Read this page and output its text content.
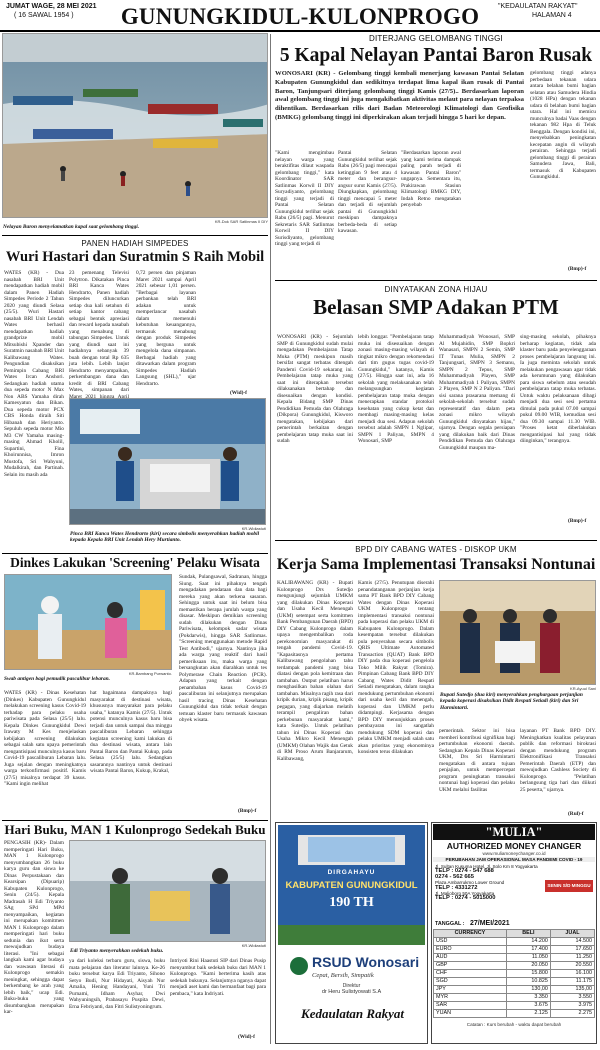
JUMAT WAGE, 28 MEI 2021
( 16 SAWAL 1954 ) GUNUNGKIDUL-KULONPROGO	"KEDAULATAN RAKYAT"
HALAMAN 4
KR-Dok SAR Satlinmas II DIY
Nelayan Baron menyelamatkan kapal saat gelombang tinggi.
DITERJANG GELOMBANG TINGGI
5 Kapal Nelayan Pantai Baron Rusak
WONOSARI (KR) - Gelombang tinggi kembali menerjang kawasan Pantai Selatan Kabupaten Gunungkidul dan sedikitnya terdapat lima kapal ikan rusak di Pantai Baron, Tanjungsari diterjang gelombang tinggi Kamis (27/5).. Berdasarkan laporan awal gelombang tinggi ini juga mengakibatkan aktivitas melaut para nelayan terpaksa dihentikan. Berdasarkan rilis dari Badan Meteorologi Klimatologi dan Geofisika (BMKG) gelombang tinggi ini diperkirakan akan terjadi hingga 5 hari ke depan.
"Kami mengimbau nelayan warga yang beraktifitas dilaut waspada gelombang tinggi," kata Koordinator SAR Satlinmas Korwil II DIY Suryadiyanto, gelombang tinggi yang terjadi di Pantai Selatan Gunungkidul terlihat sejak Rabu (26/5) pagi. Menurut Sekretaris SAR Satlinmas Korwil II DIY Surisdiyanto, gelombang tinggi yang terjadi di
Pantai Selatan Gunungkidul terlihat sejak Rabu (26/5) pagi mencapai ketinggian 9 feet atau 4 meter dan berangsur-angsur surut Kamis (27/5). Diungkapkan, gelombang tinggi mencapai 5 meter dan terjadi di sejumlah pantai di Gunungkidul meskipun dampaknya berbeda-beda di setiap kawasan.
"Berdasarkan laporan awal yang kami terima dampak paling parah terjadi di kawasan Pantai Baron" ungapnya. Sementara itu, Prakirawan Stasiun Klimatologi BMKG DIY, Indah Retno mengatakan penyebab
gelombang tinggi adanya perbedaan tekanan udara antara belahan bumi bagian selatan atau Samudera Hindia (1028 HPa) dengan tekanan udara di belahan bumi bagian utara. Hal ini memicu munculnya badai Vaas dengan tekanan 982 Hpa di Teluk Benggala. Dengan kondisi ini, menyebabkan peningkatan kecepatan angin di wilayah perairan. Sehingga terjadi gelombang tinggi di perairan Samudera Jawa, Bali, termasuk di Kabupaten Gunungkidul.
(Bmp)-f
PANEN HADIAH SIMPEDES
Wuri Hastari dan Suratmin S Raih Mobil
WATES (KR) - Dua nasabah BRI Unit mendapatkan hadiah mobil dalam Panen Hadiah Simpedes Periode 2 Tahun 2020 yang diundi Selasa (25/5). Wuri Hastari nasabah BRI Unit Lendah Wates berhasil mendapatkan hadiah grandprize mobil Mitsubishi Xpander dan Suratmin nasabah BRI Unit Kalibawang Wates. Pengundian disaksikan Pemimpin Cabang BRI Wates Ircan Anshori. Sedangkan hadiah utama dua sepeda motor N Max Non ABS Yamaha dirah Kamesyatun dan Bikan. Dua sepeda motor PCX CBS Honda diraih Siti Hibanah dan Heriyanto. Sepuluh sepeda motor Mio M3 CW Yamaha masing-masing Ahmad Kholil, Supartini, Fina Khoirunnisa, Imron Mustofa, Sri Wahyuni, Mudalkirah, dan Partinah. Selain itu masih ada
23 pemenang Televisi Polytron. Dikatakan Pinca BRI Kanca Wates Hendrarto, Panen hadiah Simpedes diluncurkan setiap dua kali setahun di setiap kantor cabang sebagai bentuk apresiasi dan reward kepada nasabah yang menabung di tabungan Simpedes. Untuk yang diundi saat ini hadiahnya sebanyak 39 buah dengan total Rp 635 juta lebih. Lebih lanjut Hendrarto menyampaikan, perkembangan dana dan kredit di BRI Cabang Wates, simpanan dari Maret 2021 hingga April
0,72 persen dan pinjaman Maret 2021 sampai April 2021 sebesar 1,01 persen. "Berbagai layanan perbankan telah BRI adakan untuk memperlancar nasabah dalam memenuhi kebutuhan keuangannya, termasuk menabung dengan produk Simpedes yang berguna untuk mengelola dana simpanan. Berbagai hadiah yang ditawarkan dalam program Simpedes Hadiah Langsung (SHL)," ujar Hendrarto.
(Wid)-f
KR-Widiastuti
Pinca BRI Kanca Wates Hendrarto (kiri) secara simbolis menyerahkan hadiah mobil kepada Kepala BRI Unit Lendah Hery Murtianto.
DINYATAKAN ZONA HIJAU
Belasan SMP Adakan PTM
WONOSARI (KR) - Sejumlah SMP di Gunungkidul sudah mulai mengadakan Pembelajaran Tatap Muka (PTM) meskipun masih bersifat sangat terbatas ditengah Pandemi Covid-19 sekarang ini. Pembelajaran tatap muka yang saat ini diterapkan tersebut dilaksanakan bertahap dan disesuaikan dengan kondisi. Kepala Bidang SMP Dinas Pendidikan Pemuda dan Olahraga (Dikpora) Gunungkidul, Kisworo mengatakan, kebijakan dari pemerintah berkaitan dengan pembelajaran tatap muka saat ini sudah
lebih longgar. "Pembelajaran tatap muka ini disesuaikan dengan zonasi masing-masing wilayah di tingkat mikro dengan rekomendasi dari tim gugus tugas covid-19 Gunungkidul," katanya, Kamis (27/5). Hingga saat ini, ada 16 sekolah yang melaksanakan telah melangsungkan kegiatan pembelajaran tatap muka dengan menerapkan standar protokol kesehatan yang cukup ketat dan membagi masing-masing kelas menjadi dua sesi. Adapun sekolah tersebut adalah SMPN 1 Nglipar, SMPN 1 Paliyan, SMPN 4 Wonosari, SMP
Muhammadiyah Wonosari, SMP Al Mujahidin, SMP Bopkri Wanasari, SMPN 2 Semin, SMP IT Tunas Mulia, SMPN 2 Tanjungsari, SMPN 3 Semanu, SMPN 2 Tepus, SMP Muhammadiyah Playen, SMP Muhammadiyah 1 Paliyan, SMPN 2 Playen, SMP N 2 Paliyan. "Dari sisi sarana prasarana memang di sekolah-sekolah tersebut sudah representatif dan dalam peta zonasi mikro wilayah Gunungkidul dinyatakan hijau," ujarnya. Dengan segala persiapan yang dilakukan baik dari Dinas Pendidikan Pemuda dan Olahraga Gunungkidul maupun ma-
sing-masing sekolah, pihaknya berharap kegiatan, tidak ada klaster baru pada penyelenggaraan proses pembelajaran langsung ini. Ia juga meminta sekolah untuk melakukan pengawasan agar tidak ada kerumunan yang dilakukan para siswa sebelum atau sesudah pembelajaran tatap muka terbatas. Untuk waktu pelaksanaan dibagi menjadi dua sesi sesi pertama dimulai pada pukul 07.00 sampai pukul 09.00 WIB, kemudian sesi dua 09.30 sampai 11.30 WIB. "Proses ketat diberlakukan mengantisipasi hal yang tidak diinginkan," terangnya.
(Bmp)-f
Dinkes Lakukan 'Screening' Pelaku Wisata
KR-Bambang Purwanto.
Swab antigen bagi pemudik pascalibur lebaran.
WATES (KR) - Dinas Kesehatan (Dinkes) Kabupaten Gunungkidul melakukan screening kasus Covid-19 terhadap para pelaku usaha pariwisata pada Selasa (25/5) lalu. Kepala Dinkes Gunungkidul Dewi Irawaty M Kes menjelaskan kebijakan screening dilakukan sebagai salah satu upaya pemerintah mengantisipasi munculnya kasus baru Covid-19 pascaliburan Lebaran lalu. Juga sejalan dengan meningkatnya warga terkonfirmasi positif. Kamis (27/5) misalnya terdapat 39 kasus. "Kami ingin melihat
hat bagaimana dampaknya bagi masyarakat di destinasi wisata, khususnya masyarakat para pelaku usaha," katanya Kamis (27/5). Untuk potensi munculnya kasus baru bisa terjadi dan untuk sampai dua minggu pascaliburan Lebaran sehingga kegiatan screening kami lakukan di dua destinasi wisata, antara lain Pantai Baron dan Pantai Kukup, pada Selasa (25/5) lalu. Sedangkan sasarannya nantinya untuk destinasi wisata Pantai Baron, Kukup, Krakal,
Sundak, Pulangsawal, Sadranan, hingga Siung. Saat ini pihaknya tengah mengadakan pendataan dan data bagi mereka yang akan terkena sasaran. Sehingga untuk saat ini belum bisa memastikan berapa jumlah warga yang disasar. Meskipun demikian screening sudah dilakukan dengan Dinas Pariwisata, kelompok sadar wisata (Pokdarwis), hingga SAR Satlinmas. "Screening menggunakan metode Rapid Test Antibodi," ujarnya. Nantinya jika ada warga yang reaktif dari hasil pemeriksaan itu, maka warga yang bersangkutan akan diarahkan untuk tes Polymerase Chain Reaction (PCR). Adapun yang terkait dengan penambahan kasus Covid-19 pascaliburan ini selanjutnya merupakan hasil tracing Dinas Kesehatan Gunungkidul dan tidak terkait dengan temuan klaster baru termasuk kawasan obyek wisata.
(Bmp)-f
Hari Buku, MAN 1 Kulonprogo Sedekah Buku
PENGASIH (KR)- Dalam memperingati Hari Buku, MAN 1 Kulonprogo menyumbangkan 26 buku karya guru dan siswa ke Dinas Perpustakaan dan Kearsipan (Dipuarip) Kabupaten Kulonprogo, Senin (24/5). Kepala Madrasah H Edi Triyanto SAg SPd MPd menyampaikan, kegiatan ini merupakan komitmen MAN 1 Kulonprogo dalam memperingati hari buku sedunia dan ikut serta mewujudkan budaya literasi. "Ini sebagai langkah kami agar budaya dan wawasan literasi di Kulonprogo semakin meningkat, sehingga dapat berkembang ke arah yang lebih baik," ucap Edi. Buku-buku yang disumbangkan merupakan kar-
KR-Widiastuti
Edi Triyanto menyerahkan sedekah buku.
ya dari koleksi terbaru guru, siswa, buku mata pelajaran dan literatur lainnya. Ke-26 buku tersebut karya Edi Triyanto, Sihono Setyo Budi, Nur Hidayati, Aisyah Nur Amalia, Hening Handayani, Yuni Tri Purnami, Idham Asyhar, Dwi Wahyuningsih, Prabasayu Puspita Dewi, Erna Febriyanti, dan Fitri Sulistyoningrum.
Intriyoti Rini Haastuti SIP dari Dinas Pusip menyambut baik sedekah buku dari MAN 1 Kulonprogo. "Kami berterima kasih atas sedekah bukunya. Selanjutnya nganya dapat menjadi aset kami dan bermanfaat bagi para pembaca," kata Indriyati.
(Wid)-f
BPD DIY CABANG WATES - DISKOP UKM
Kerja Sama Implementasi Transaksi Nontunai
KALIBAWANG (KR) - Bupati Kulonprogo Drs Sutedjo mengunjungi sejumlah UMKM yang dilakukan Dinas Koperasi dan Usaha Kecil Menengah (UKM) setempat serta komitmen Bank Pembangunan Daerah (BPD) DIY Cabang Kulonprogo dalam upaya mengembalikan roda perekonomian masyarakat di tengah pandemi Covid-19. "Kapasitasnya pertama Kalibawang pengolahan tahu terdampak pandemi yang bisa diatasi dengan pola kemitraan dan tambahan. Output pelatihan harus menghasilkan bahan olahan dari tambahan. Misalnya ragih rasa dari kripik durian, kripik pisang, kripik pegagan, yang diajarkan melatih terampil pengaliran bahan perkebunan masyarakat kami," kata Sutedjo. Untuk pelatihan tahun ini Dinas Koperasi dan Usaha Mikro Kecil Menengah (UMKM) Olahan Wajik dan Getuk di RM Proso Arum Banjararum, Kalibawang,
Kamis (27/5). Penutupan diserahi penandatanganan perjanjian kerja sama PT Bank BPD DIY Cabang Wates dengan Dinas Koperasi UKM Kulonprogo tentang implementasi transaksi nontunai pada koperasi dan pelaku UKM di Kabupaten Kulonprogo. Dalam kesempatan tersebut dilakukan pula penyerahan secara simbolis QRIS Ultimate Automated Transaction (QUAT) Bank BPD DIY pada dua koperasi pengelola Toko Milik Rakyat (Tomira). Pimpinan Cabang Bank BPD DIY Cabang Wates Didit Respati Setiadi mengatakan, dalam rangka mendukung pertumbuhan ekonomi dari usaha kecil dan menengah, koperasi dan UMKM perlu didampingi. Kerjasama dengan BPD DIY menunjukkan proses pembayaran ini sangatlah mendukung SDM koperasi dan pelaku UMKM menjadi salah satu akan prioritas yang ekonominya konsisten terus dilakukan
KR-Ayuul Sani
Bupati Sutedjo (dua kiri) menyerahkan penghargaan perjanjian kepada koperasi disaksikan Didit Respati Setiadi (kiri) dan Sri Harmintarti.
pemerintah. Sektor ini bisa memberi kontribusi signifikan bagi pertumbuhan ekonomi daerah. Sedangkan Kepala Dinas Koperasi UKM, Drs Sri Harmintarti mengatakan di antara tujuan penjajian, untuk mempercepat program peningkatan transaksi nontunai bagi koperasi dan pelaku UKM melalui fasilitas
layanan PT Bank BPD DIY. Meningkatkan kualitas pelayanan publik dan reformasi birokrasi dengan mendukung program Elektronifikasi Transaksi Pemerintah Daerah (ETP) dan mewujudkan Cashless Society di Kulonprogo. "Pelatihan berlangsung tiga hari dan diikuti 25 peserta," ujarnya.
(Rul)-f
DIRGAHAYU
KABUPATEN GUNUNGKIDUL
190 TH
RSUD Wonosari
Cepat, Bersih, Simpatik
Direktur
dr Heru Sulistyowati S.A
Kedaulatan Rakyat
"MULIA"
AUTHORIZED MONEY CHANGER
www.muliamoneychanger.co.id
PERUBAHAN JAM OPERASIONAL MASA PANDEMI COVID - 19
Jl. Sultan Kusuma Hotel, Jl. Solo Km 8 Yogyakarta
TELP : 0274 - 547 688
0274 - 562 665
Plaza Ambarrukmo Lower Ground
TELP : 4331272
Jl. Malioboro 50A Yogyakarta
TELP : 0274 - 5015000
SENIN S/D MINGGU
TANGGAL : 27/MEI/2021
CURRENCY	BELI	JUAL
USD	14.200	14.500
EURO	17.400	17.650
AUD	11.050	11.250
GBP	20.050	20.550
CHF	15.800	16.100
SGD	10.825	11.175
JPY	130,00	135,00
MYR	3.350	3.550
SAR	3.675	3.975
YUAN	2.125	2.275
Catatan : Kurs berubah - waktu dapat berubah
